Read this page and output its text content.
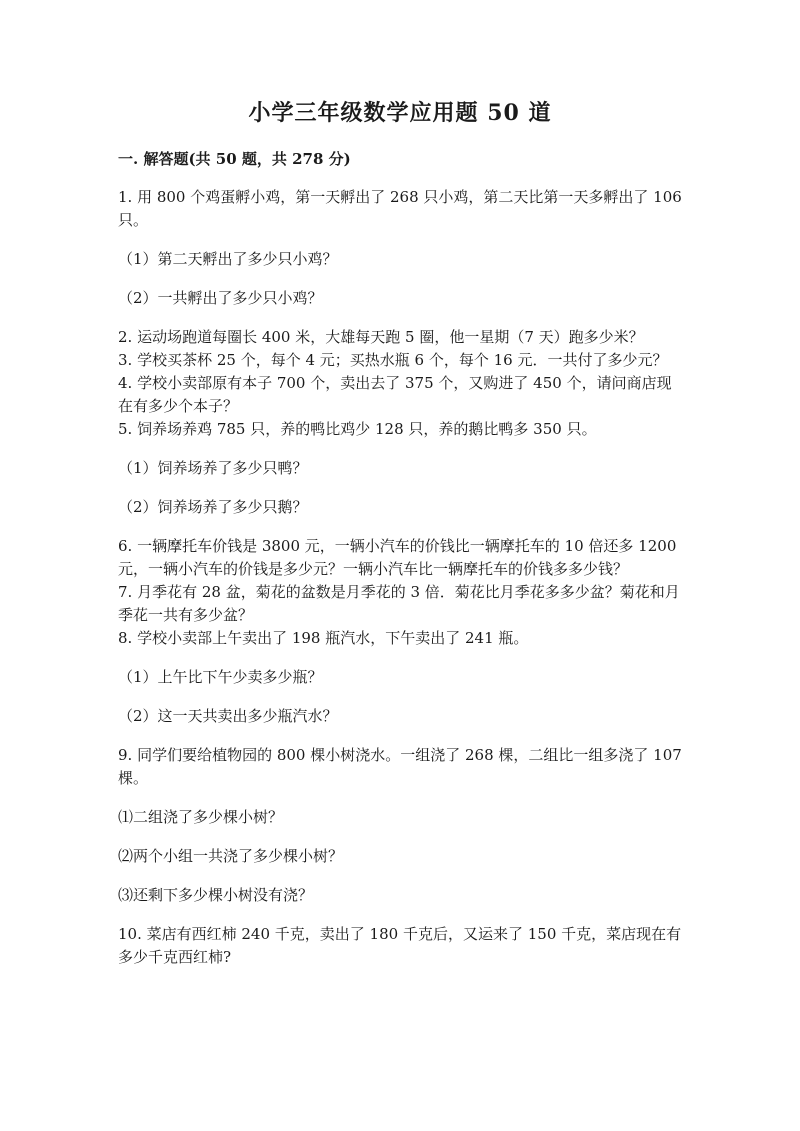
小学三年级数学应用题 50 道
一. 解答题(共 50 题，共 278 分)

1. 用 800 个鸡蛋孵小鸡，第一天孵出了 268 只小鸡，第二天比第一天多孵出了 106 只。

（1）第二天孵出了多少只小鸡？

（2）一共孵出了多少只小鸡？

2. 运动场跑道每圈长 400 米，大雄每天跑 5 圈，他一星期（7 天）跑多少米？

3. 学校买茶杯 25 个，每个 4 元；买热水瓶 6 个，每个 16 元．一共付了多少元？

4. 学校小卖部原有本子 700 个，卖出去了 375 个，又购进了 450 个，请问商店现在有多少个本子？

5. 饲养场养鸡 785 只，养的鸭比鸡少 128 只，养的鹅比鸭多 350 只。

（1）饲养场养了多少只鸭？

（2）饲养场养了多少只鹅？

6. 一辆摩托车价钱是 3800 元，一辆小汽车的价钱比一辆摩托车的 10 倍还多 1200 元，一辆小汽车的价钱是多少元？一辆小汽车比一辆摩托车的价钱多多少钱？

7. 月季花有 28 盆，菊花的盆数是月季花的 3 倍．菊花比月季花多多少盆？菊花和月季花一共有多少盆？

8. 学校小卖部上午卖出了 198 瓶汽水，下午卖出了 241 瓶。

（1）上午比下午少卖多少瓶？

（2）这一天共卖出多少瓶汽水？

9. 同学们要给植物园的 800 棵小树浇水。一组浇了 268 棵，二组比一组多浇了 107 棵。

⑴二组浇了多少棵小树？

⑵两个小组一共浇了多少棵小树？

⑶还剩下多少棵小树没有浇？

10. 菜店有西红柿 240 千克，卖出了 180 千克后，又运来了 150 千克，菜店现在有多少千克西红柿?
